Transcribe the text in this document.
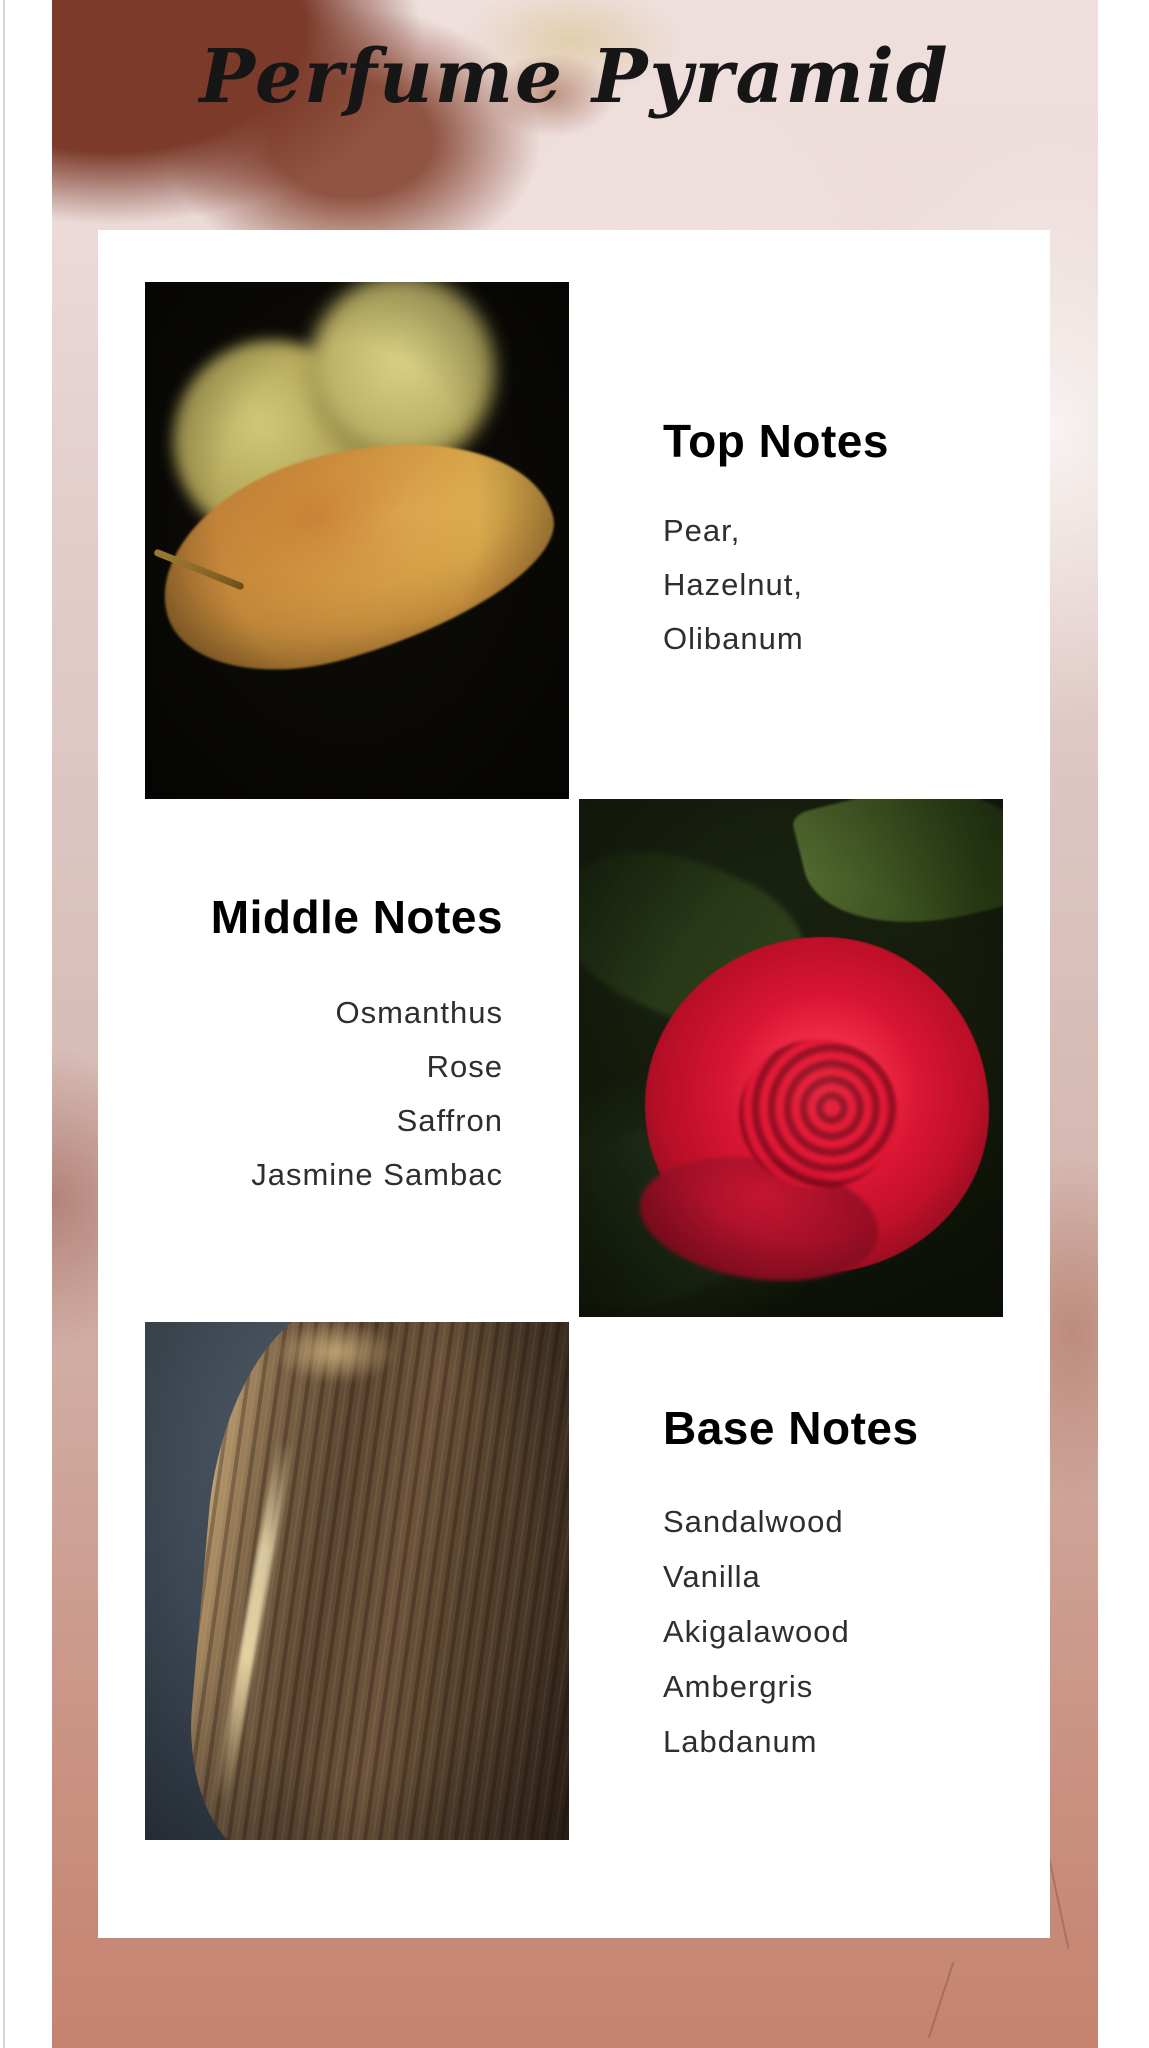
Perfume Pyramid
Top Notes
Pear,
Hazelnut,
Olibanum
Middle Notes
Osmanthus
Rose
Saffron
Jasmine Sambac
Base Notes
Sandalwood
Vanilla
Akigalawood
Ambergris
Labdanum
